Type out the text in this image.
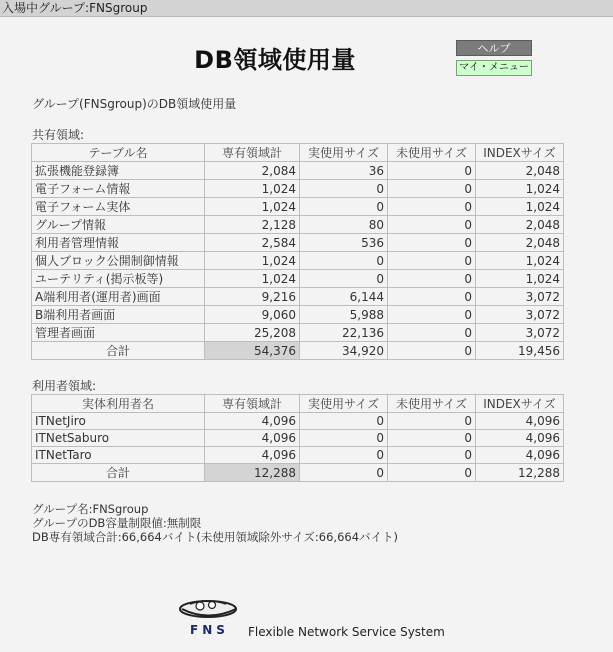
入場中グループ:FNSgroup
DB領域使用量	ヘルプ
マイ・メニュー
グループ(FNSgroup)のDB領域使用量
共有領域:
テーブル名	専有領域計	実使用サイズ	未使用サイズ	INDEXサイズ
拡張機能登録簿	2,084	36	0	2,048
電子フォーム情報	1,024	0	0	1,024
電子フォーム実体	1,024	0	0	1,024
グループ情報	2,128	80	0	2,048
利用者管理情報	2,584	536	0	2,048
個人ブロック公開制御情報	1,024	0	0	1,024
ユーテリティ(掲示板等)	1,024	0	0	1,024
A端利用者(運用者)画面	9,216	6,144	0	3,072
B端利用者画面	9,060	5,988	0	3,072
管理者画面	25,208	22,136	0	3,072
合計	54,376	34,920	0	19,456
利用者領域:
実体利用者名	専有領域計	実使用サイズ	未使用サイズ	INDEXサイズ
ITNetJiro	4,096	0	0	4,096
ITNetSaburo	4,096	0	0	4,096
ITNetTaro	4,096	0	0	4,096
合計	12,288	0	0	12,288
グループ名:FNSgroup
グループのDB容量制限値:無制限
DB専有領域合計:66,664バイト(未使用領域除外サイズ:66,664バイト)
FNS Flexible Network Service System
